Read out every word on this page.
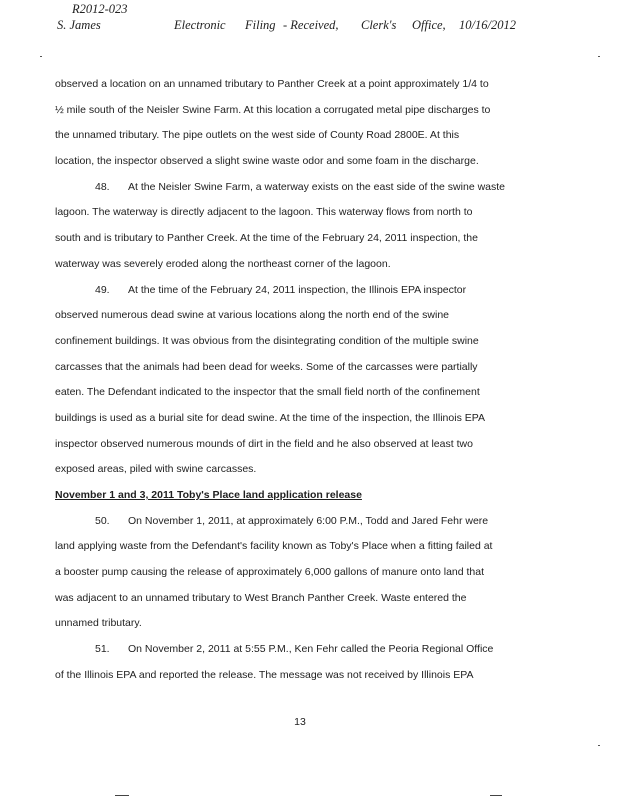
R2012-023
S. James	Electronic Filing - Received, Clerk's Office, 10/16/2012
observed a location on an unnamed tributary to Panther Creek at a point approximately 1/4 to
½ mile south of the Neisler Swine Farm. At this location a corrugated metal pipe discharges to
the unnamed tributary. The pipe outlets on the west side of County Road 2800E. At this
location, the inspector observed a slight swine waste odor and some foam in the discharge.
48. At the Neisler Swine Farm, a waterway exists on the east side of the swine waste
lagoon. The waterway is directly adjacent to the lagoon. This waterway flows from north to
south and is tributary to Panther Creek. At the time of the February 24, 2011 inspection, the
waterway was severely eroded along the northeast corner of the lagoon.
49. At the time of the February 24, 2011 inspection, the Illinois EPA inspector
observed numerous dead swine at various locations along the north end of the swine
confinement buildings. It was obvious from the disintegrating condition of the multiple swine
carcasses that the animals had been dead for weeks. Some of the carcasses were partially
eaten. The Defendant indicated to the inspector that the small field north of the confinement
buildings is used as a burial site for dead swine. At the time of the inspection, the Illinois EPA
inspector observed numerous mounds of dirt in the field and he also observed at least two
exposed areas, piled with swine carcasses.
November 1 and 3, 2011 Toby's Place land application release
50. On November 1, 2011, at approximately 6:00 P.M., Todd and Jared Fehr were
land applying waste from the Defendant's facility known as Toby's Place when a fitting failed at
a booster pump causing the release of approximately 6,000 gallons of manure onto land that
was adjacent to an unnamed tributary to West Branch Panther Creek. Waste entered the
unnamed tributary.
51. On November 2, 2011 at 5:55 P.M., Ken Fehr called the Peoria Regional Office
of the Illinois EPA and reported the release. The message was not received by Illinois EPA
13
